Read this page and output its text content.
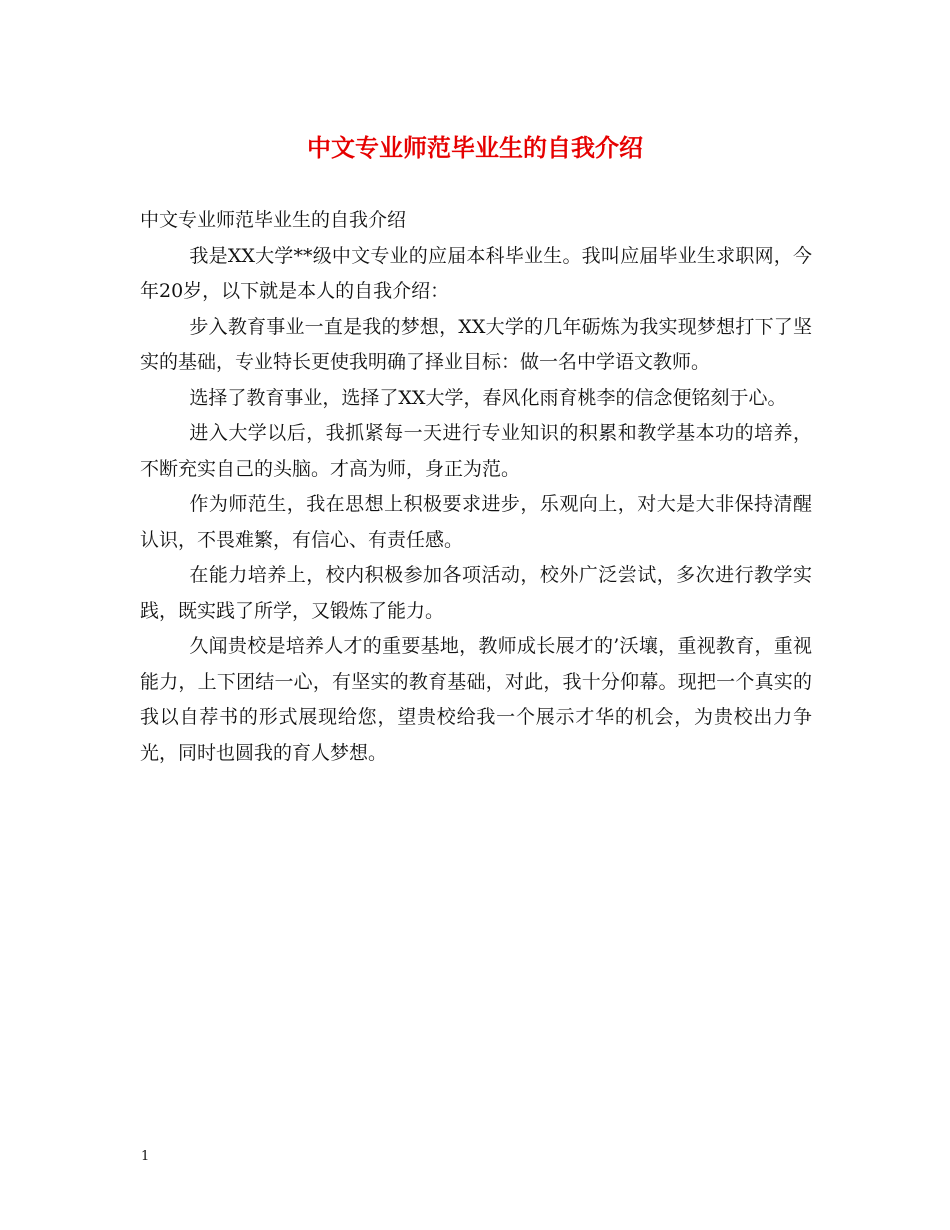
中文专业师范毕业生的自我介绍

中文专业师范毕业生的自我介绍

我是XX大学**级中文专业的应届本科毕业生。我叫应届毕业生求职网，今年20岁，以下就是本人的自我介绍：

步入教育事业一直是我的梦想，XX大学的几年砺炼为我实现梦想打下了坚实的基础，专业特长更使我明确了择业目标：做一名中学语文教师。

选择了教育事业，选择了XX大学，春风化雨育桃李的信念便铭刻于心。

进入大学以后，我抓紧每一天进行专业知识的积累和教学基本功的培养，不断充实自己的头脑。才高为师，身正为范。

作为师范生，我在思想上积极要求进步，乐观向上，对大是大非保持清醒认识，不畏难繁，有信心、有责任感。

在能力培养上，校内积极参加各项活动，校外广泛尝试，多次进行教学实践，既实践了所学，又锻炼了能力。

久闻贵校是培养人才的重要基地，教师成长展才的’沃壤，重视教育，重视能力，上下团结一心，有坚实的教育基础，对此，我十分仰幕。现把一个真实的我以自荐书的形式展现给您，望贵校给我一个展示才华的机会，为贵校出力争光，同时也圆我的育人梦想。

1
